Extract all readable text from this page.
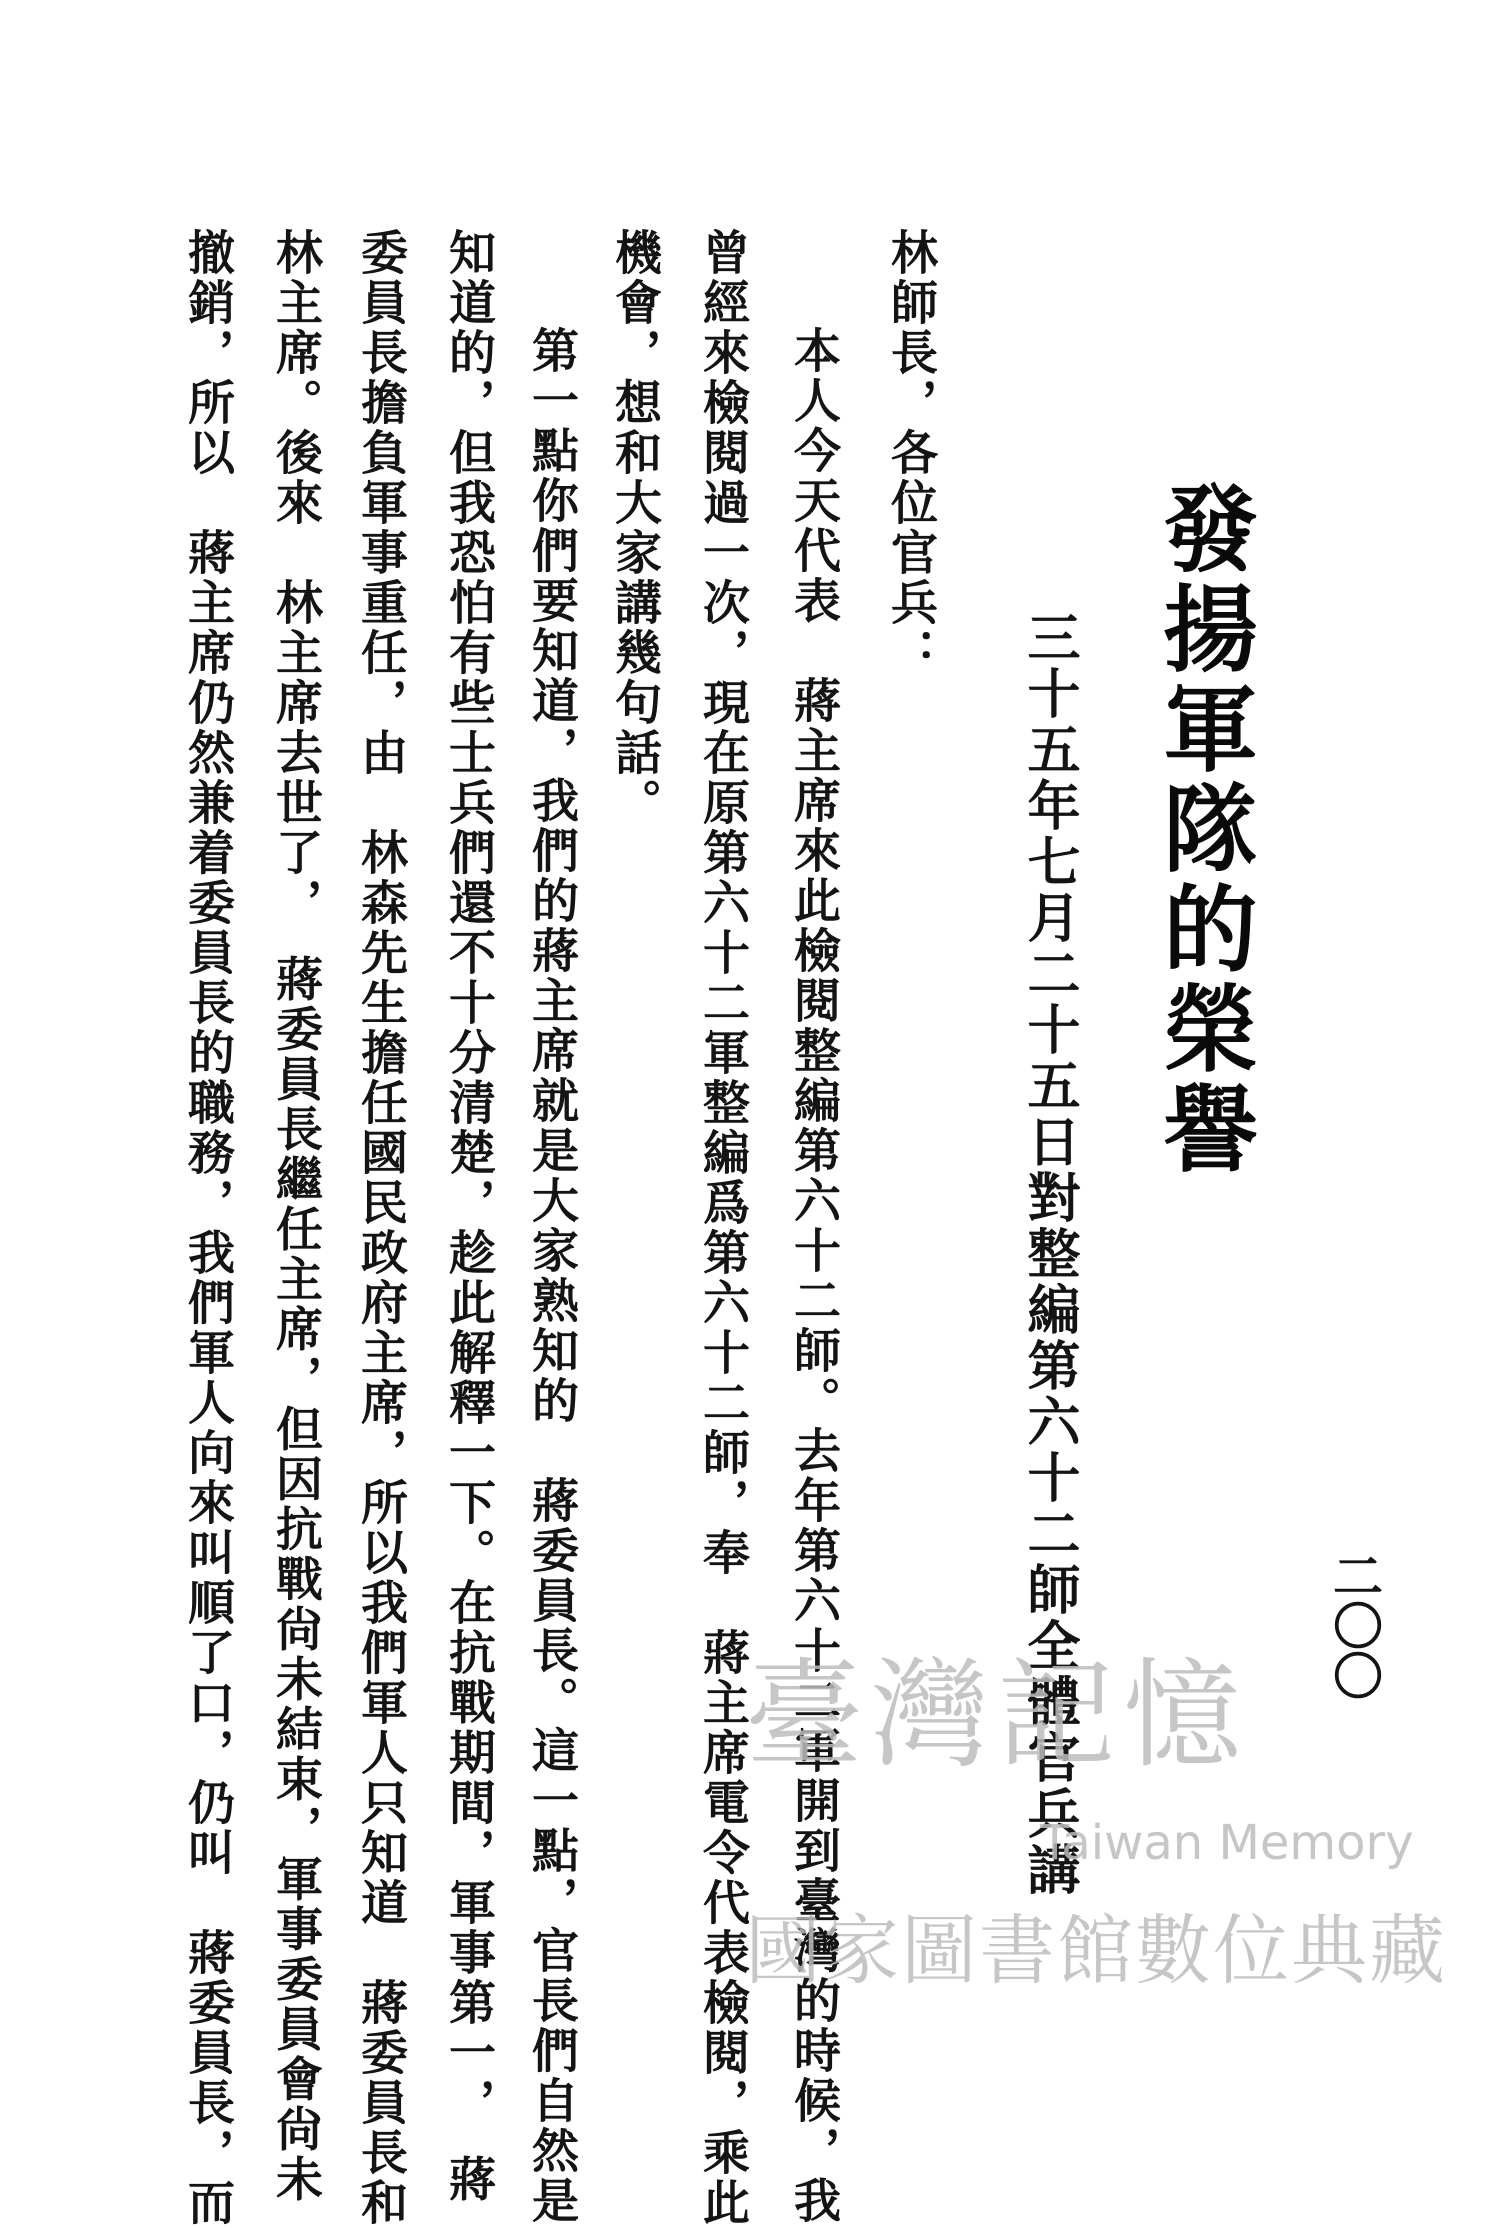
二〇〇
發揚軍隊的榮譽
三十五年七月二十五日對整編第六十二師全體官兵講
林師長，各位官兵：
本人今天代表　蔣主席來此檢閱整編第六十二師。去年第六十二軍開到臺灣的時候，我
曾經來檢閱過一次，現在原第六十二軍整編爲第六十二師，奉　蔣主席電令代表檢閱，乘此
機會，想和大家講幾句話。
第一點你們要知道，我們的蔣主席就是大家熟知的　蔣委員長。這一點，官長們自然是
知道的，但我恐怕有些士兵們還不十分清楚，趁此解釋一下。在抗戰期間，軍事第一，　蔣
委員長擔負軍事重任，由　林森先生擔任國民政府主席，所以我們軍人只知道　蔣委員長和
林主席。後來　林主席去世了，　蔣委員長繼任主席，但因抗戰尙未結束，軍事委員會尙未
撤銷，所以　蔣主席仍然兼着委員長的職務，我們軍人向來叫順了口，仍叫　蔣委員長，而	臺灣記憶
Taiwan Memory
國家圖書館數位典藏
